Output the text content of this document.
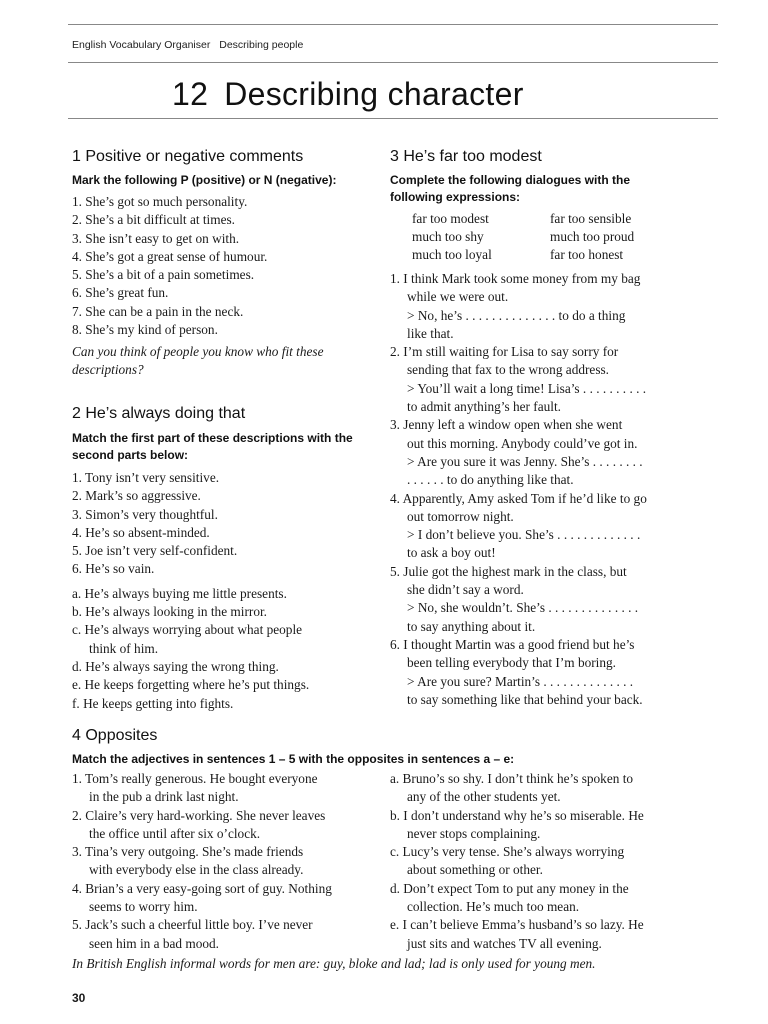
English Vocabulary Organiser Describing people
12 Describing character
1 Positive or negative comments

Mark the following P (positive) or N (negative):

1. She’s got so much personality.
2. She’s a bit difficult at times.
3. She isn’t easy to get on with.
4. She’s got a great sense of humour.
5. She’s a bit of a pain sometimes.
6. She’s great fun.
7. She can be a pain in the neck.
8. She’s my kind of person.

Can you think of people you know who fit these

descriptions?

2 He’s always doing that

Match the first part of these descriptions with the

second parts below:

1. Tony isn’t very sensitive.
2. Mark’s so aggressive.
3. Simon’s very thoughtful.
4. He’s so absent-minded.
5. Joe isn’t very self-confident.
6. He’s so vain.
a. He’s always buying me little presents.
b. He’s always looking in the mirror.
c. He’s always worrying about what people think of him.
d. He’s always saying the wrong thing.
e. He keeps forgetting where he’s put things.
f. He keeps getting into fights.
3 He’s far too modest

Complete the following dialogues with the

following expressions:

far too modest	far too sensible
much too shy	much too proud
much too loyal	far too honest
1. I think Mark took some money from my bag
while we were out.
> No, he’s . . . . . . . . . . . . . . to do a thing
like that.
2. I’m still waiting for Lisa to say sorry for
sending that fax to the wrong address.
> You’ll wait a long time! Lisa’s . . . . . . . . . .
to admit anything’s her fault.
3. Jenny left a window open when she went
out this morning. Anybody could’ve got in.
> Are you sure it was Jenny. She’s . . . . . . . .
. . . . . . to do anything like that.
4. Apparently, Amy asked Tom if he’d like to go
out tomorrow night.
> I don’t believe you. She’s . . . . . . . . . . . . .
to ask a boy out!
5. Julie got the highest mark in the class, but
she didn’t say a word.
> No, she wouldn’t. She’s . . . . . . . . . . . . . .
to say anything about it.
6. I thought Martin was a good friend but he’s
been telling everybody that I’m boring.
> Are you sure? Martin’s . . . . . . . . . . . . . .
to say something like that behind your back.
4 Opposites

Match the adjectives in sentences 1 – 5 with the opposites in sentences a – e:

1. Tom’s really generous. He bought everyone
in the pub a drink last night.
2. Claire’s very hard-working. She never leaves
the office until after six o’clock.
3. Tina’s very outgoing. She’s made friends
with everybody else in the class already.
4. Brian’s a very easy-going sort of guy. Nothing
seems to worry him.
5. Jack’s such a cheerful little boy. I’ve never
seen him in a bad mood.
a. Bruno’s so shy. I don’t think he’s spoken to
any of the other students yet.
b. I don’t understand why he’s so miserable. He
never stops complaining.
c. Lucy’s very tense. She’s always worrying
about something or other.
d. Don’t expect Tom to put any money in the
collection. He’s much too mean.
e. I can’t believe Emma’s husband’s so lazy. He
just sits and watches TV all evening.
In British English informal words for men are: guy, bloke and lad; lad is only used for young men.
30
